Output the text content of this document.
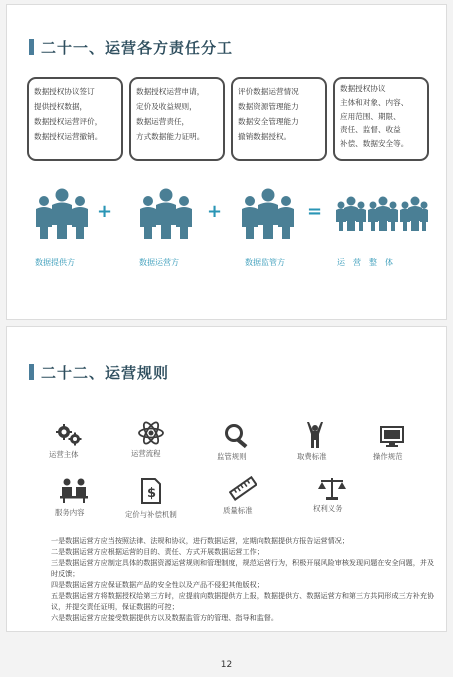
二十一、运营各方责任分工
数据授权协议签订
提供授权数据，
数据授权运营评价，
数据授权运营撤销。
数据授权运营申请，
定价及收益规则，
数据运营责任，
方式数据能力证明。
评价数据运营情况
数据资源管理能力
数据安全管理能力
撤销数据授权。
数据授权协议
主体和对象、内容、
应用范围、期限、
责任、监督、收益
补偿、数据安全等。
+	+	=
数据提供方	数据运营方	数据监管方	运　营　整　体
二十二、运营规则
运营主体	运营流程	监管规则	取费标准	操作规范
服务内容
$
定价与补偿机制	质量标准	权利义务
一是数据运营方应当按照法律、法规和协议，进行数据运营，定期向数据提供方报告运营情况；
二是数据运营方应根据运营的目的、责任、方式开展数据运营工作；
三是数据运营方应制定具体的数据资源运营规则和管理制度，规范运营行为，积极开展风险审核发现问题在安全问题，并及时反馈；
四是数据运营方应保证数据产品的安全性以及产品不侵犯其他版权；
五是数据运营方将数据授权给第三方时，应提前向数据提供方上报，数据提供方、数据运营方和第三方共同形成三方补充协议，并提交责任证明，保证数据的可控；
六是数据运营方应接受数据提供方以及数据监管方的管理、指导和监督。
12
